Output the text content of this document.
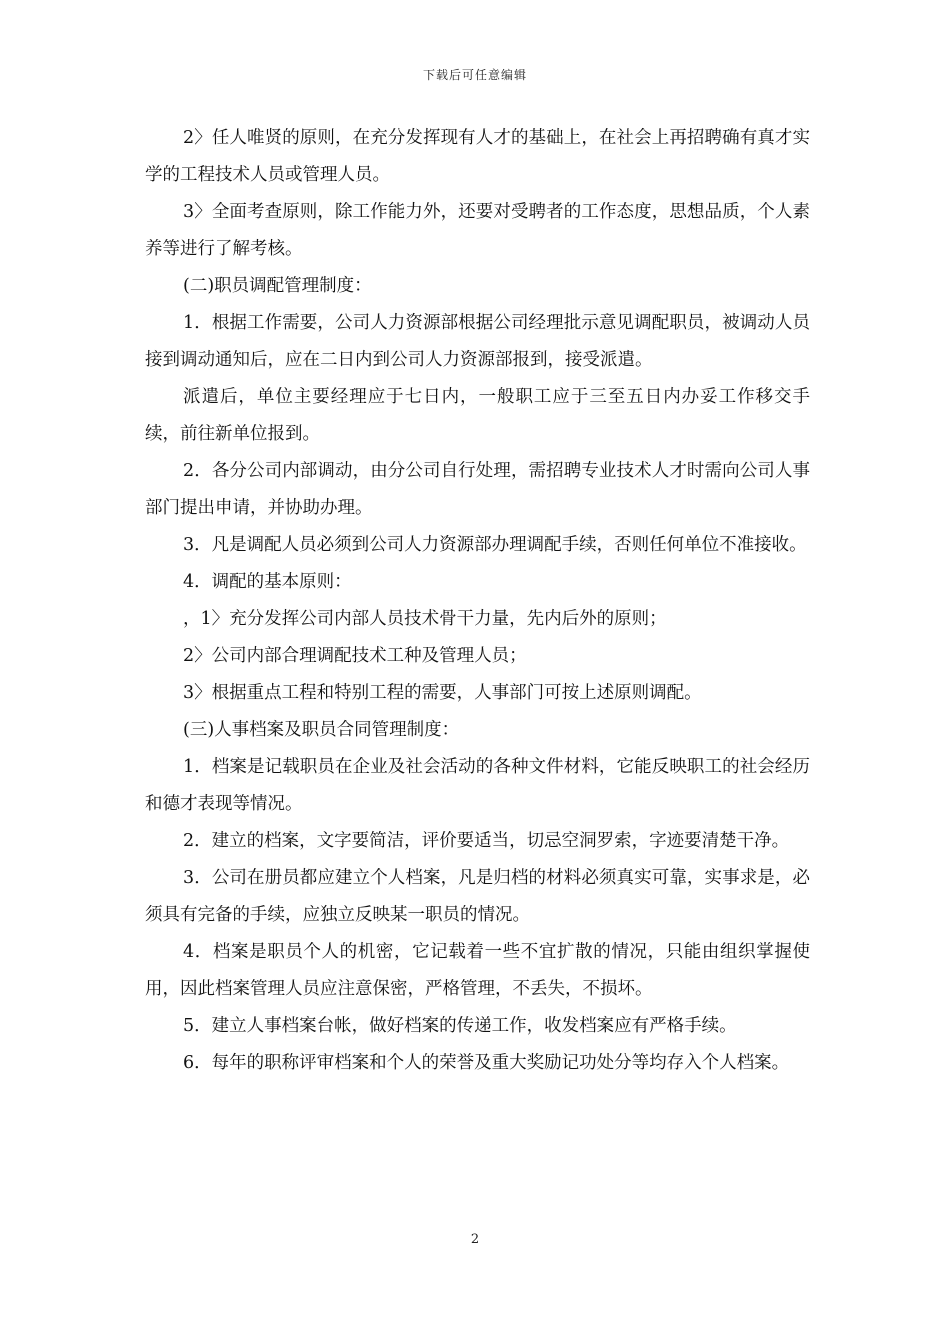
下载后可任意编辑

2〉任人唯贤的原则，在充分发挥现有人才的基础上，在社会上再招聘确有真才实学的工程技术人员或管理人员。

3〉全面考查原则，除工作能力外，还要对受聘者的工作态度，思想品质，个人素养等进行了解考核。

(二)职员调配管理制度：

1．根据工作需要，公司人力资源部根据公司经理批示意见调配职员，被调动人员接到调动通知后，应在二日内到公司人力资源部报到，接受派遣。

派遣后，单位主要经理应于七日内，一般职工应于三至五日内办妥工作移交手续，前往新单位报到。

2．各分公司内部调动，由分公司自行处理，需招聘专业技术人才时需向公司人事部门提出申请，并协助办理。

3．凡是调配人员必须到公司人力资源部办理调配手续，否则任何单位不准接收。

4．调配的基本原则：

，1〉充分发挥公司内部人员技术骨干力量，先内后外的原则；

2〉公司内部合理调配技术工种及管理人员；

3〉根据重点工程和特别工程的需要，人事部门可按上述原则调配。

(三)人事档案及职员合同管理制度：

1．档案是记载职员在企业及社会活动的各种文件材料，它能反映职工的社会经历和德才表现等情况。

2．建立的档案，文字要简洁，评价要适当，切忌空洞罗索，字迹要清楚干净。

3．公司在册员都应建立个人档案，凡是归档的材料必须真实可靠，实事求是，必须具有完备的手续，应独立反映某一职员的情况。

4．档案是职员个人的机密，它记载着一些不宜扩散的情况，只能由组织掌握使用，因此档案管理人员应注意保密，严格管理，不丢失，不损坏。

5．建立人事档案台帐，做好档案的传递工作，收发档案应有严格手续。

6．每年的职称评审档案和个人的荣誉及重大奖励记功处分等均存入个人档案。

2
